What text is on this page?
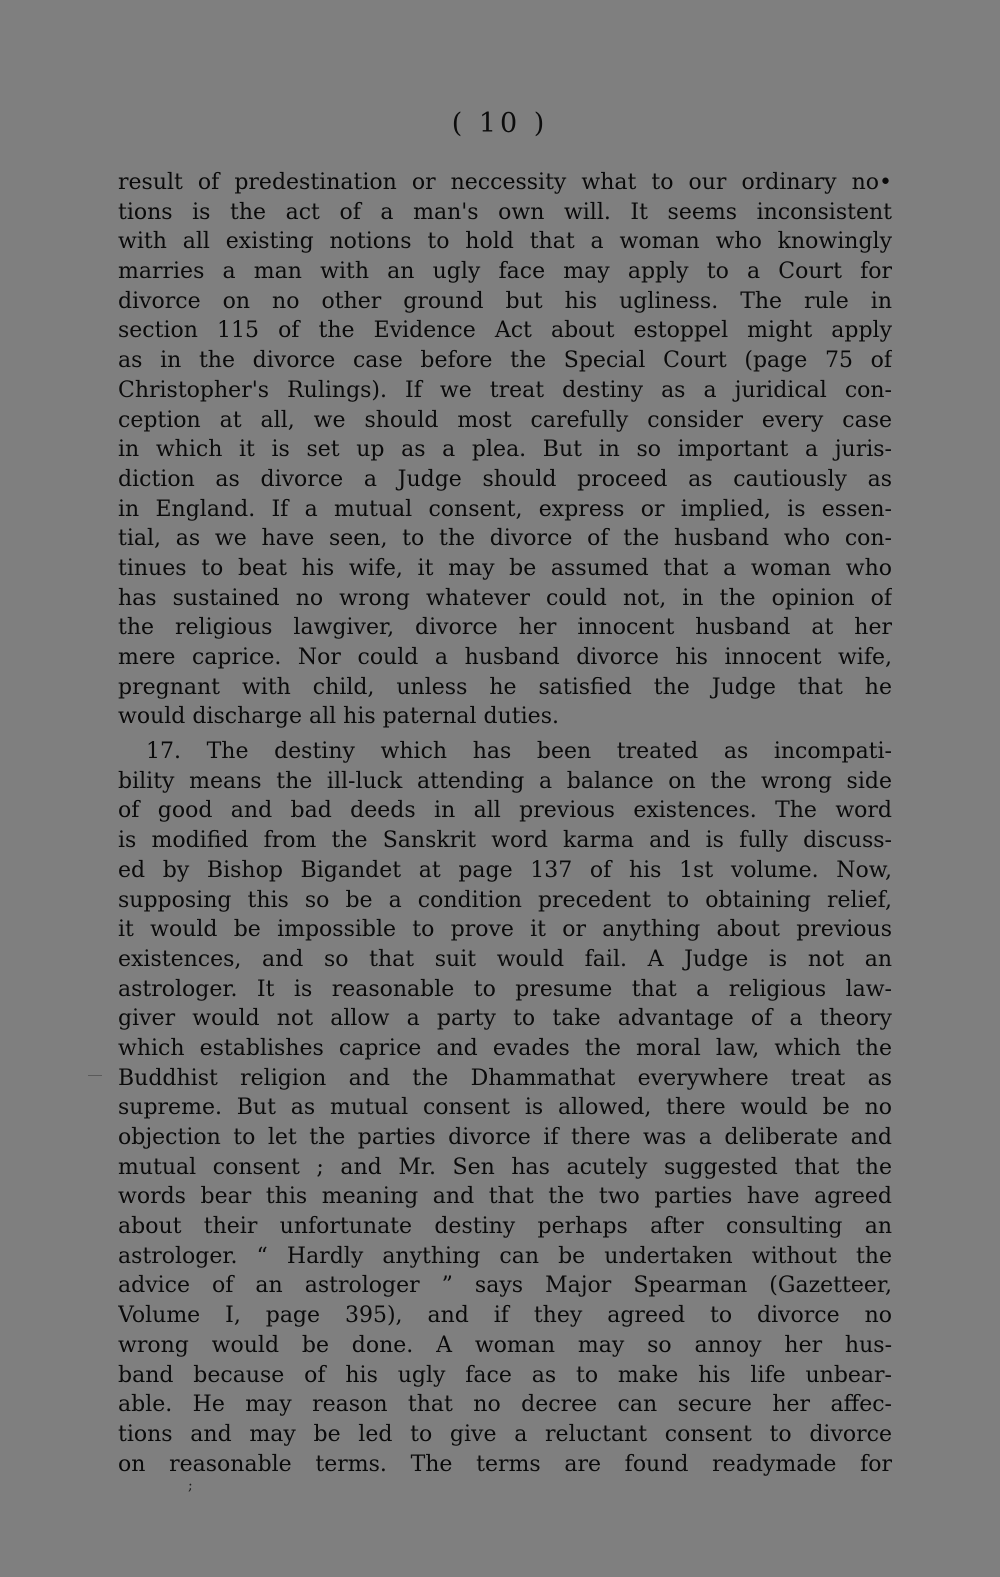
( 10 )
result of predestination or neccessity what to our ordinary no•
tions is the act of a man's own will. It seems inconsistent
with all existing notions to hold that a woman who knowingly
marries a man with an ugly face may apply to a Court for
divorce on no other ground but his ugliness. The rule in
section 115 of the Evidence Act about estoppel might apply
as in the divorce case before the Special Court (page 75 of
Christopher's Rulings). If we treat destiny as a juridical con-
ception at all, we should most carefully consider every case
in which it is set up as a plea. But in so important a juris-
diction as divorce a Judge should proceed as cautiously as
in England. If a mutual consent, express or implied, is essen-
tial, as we have seen, to the divorce of the husband who con-
tinues to beat his wife, it may be assumed that a woman who
has sustained no wrong whatever could not, in the opinion of
the religious lawgiver, divorce her innocent husband at her
mere caprice. Nor could a husband divorce his innocent wife,
pregnant with child, unless he satisfied the Judge that he
would discharge all his paternal duties.
17. The destiny which has been treated as incompati-
bility means the ill-luck attending a balance on the wrong side
of good and bad deeds in all previous existences. The word
is modified from the Sanskrit word karma and is fully discuss-
ed by Bishop Bigandet at page 137 of his 1st volume. Now,
supposing this so be a condition precedent to obtaining relief,
it would be impossible to prove it or anything about previous
existences, and so that suit would fail. A Judge is not an
astrologer. It is reasonable to presume that a religious law-
giver would not allow a party to take advantage of a theory
which establishes caprice and evades the moral law, which the
Buddhist religion and the Dhammathat everywhere treat as
supreme. But as mutual consent is allowed, there would be no
objection to let the parties divorce if there was a deliberate and
mutual consent ; and Mr. Sen has acutely suggested that the
words bear this meaning and that the two parties have agreed
about their unfortunate destiny perhaps after consulting an
astrologer. “ Hardly anything can be undertaken without the
advice of an astrologer ” says Major Spearman (Gazetteer,
Volume I, page 395), and if they agreed to divorce no
wrong would be done. A woman may so annoy her hus-
band because of his ugly face as to make his life unbear-
able. He may reason that no decree can secure her affec-
tions and may be led to give a reluctant consent to divorce
on reasonable terms. The terms are found readymade for
;
